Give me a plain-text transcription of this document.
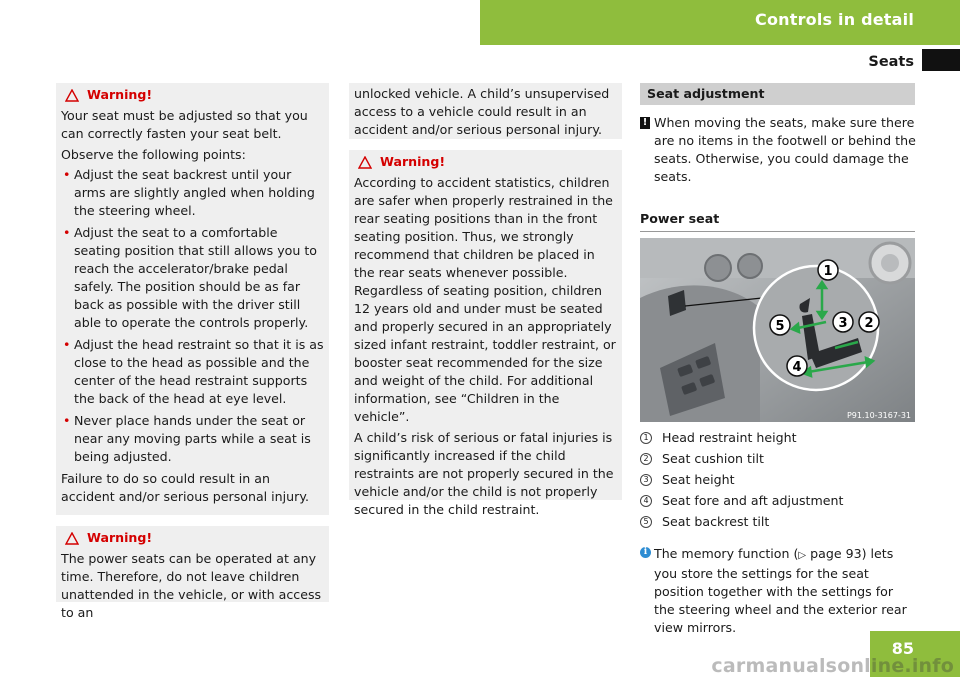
Controls in detail
Seats
Warning!

Your seat must be adjusted so that you can correctly fasten your seat belt.

Observe the following points:

• Adjust the seat backrest until your arms are slightly angled when holding the steering wheel.
• Adjust the seat to a comfortable seating position that still allows you to reach the accelerator/brake pedal safely. The position should be as far back as possible with the driver still able to operate the controls properly.
• Adjust the head restraint so that it is as close to the head as possible and the center of the head restraint supports the back of the head at eye level.
• Never place hands under the seat or near any moving parts while a seat is being adjusted.

Failure to do so could result in an accident and/or serious personal injury.

Warning!

The power seats can be operated at any time. Therefore, do not leave children unattended in the vehicle, or with access to an

unlocked vehicle. A child’s unsupervised access to a vehicle could result in an accident and/or serious personal injury.

Warning!

According to accident statistics, children are safer when properly restrained in the rear seating positions than in the front seating position. Thus, we strongly recommend that children be placed in the rear seats whenever possible. Regardless of seating position, children 12 years old and under must be seated and properly secured in an appropriately sized infant restraint, toddler restraint, or booster seat recommended for the size and weight of the child. For additional information, see “Children in the vehicle”.

A child’s risk of serious or fatal injuries is significantly increased if the child restraints are not properly secured in the vehicle and/or the child is not properly secured in the child restraint.

Seat adjustment
! When moving the seats, make sure there are no items in the footwell or behind the seats. Otherwise, you could damage the seats.
Power seat
1
2
3
4
5
P91.10-3167-31
1 Head restraint height
2 Seat cushion tilt
3 Seat height
4 Seat fore and aft adjustment
5 Seat backrest tilt
i The memory function (▷ page 93) lets you store the settings for the seat position together with the settings for the steering wheel and the exterior rear view mirrors.
85
carmanualsonline.info
